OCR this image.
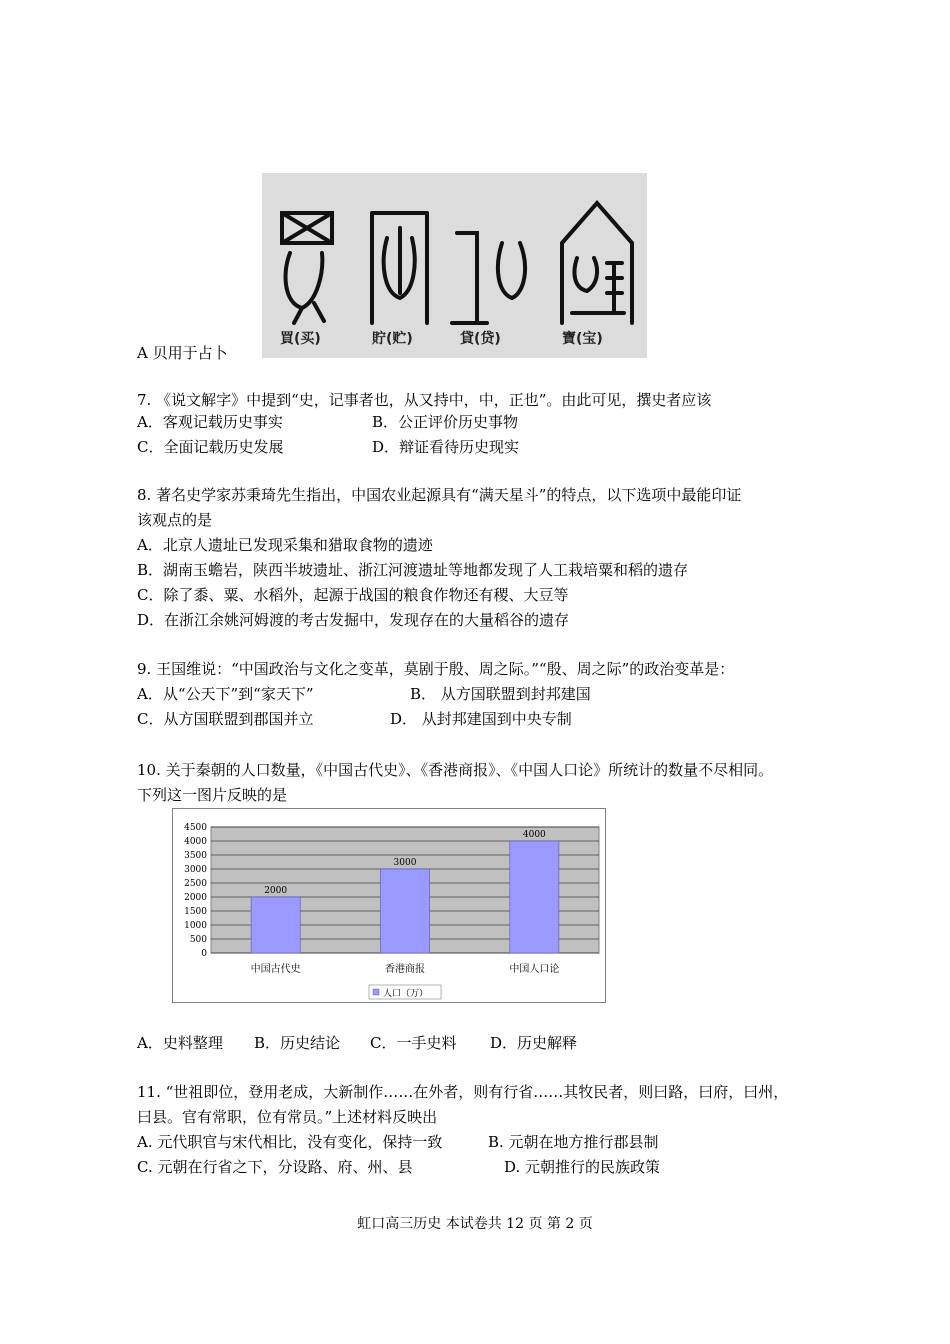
買(买)	貯(贮)	貸(贷)	寶(宝)
A 贝用于占卜
7. 《说文解字》中提到“史，记事者也，从又持中，中，正也”。由此可见，撰史者应该
A．客观记载历史事实	B．公正评价历史事物
C．全面记载历史发展	D．辩证看待历史现实
8. 著名史学家苏秉琦先生指出，中国农业起源具有“满天星斗”的特点，以下选项中最能印证
该观点的是
A．北京人遗址已发现采集和猎取食物的遗迹
B．湖南玉蟾岩，陕西半坡遗址、浙江河渡遗址等地都发现了人工栽培粟和稻的遗存
C．除了黍、粟、水稻外，起源于战国的粮食作物还有稷、大豆等
D．在浙江余姚河姆渡的考古发掘中，发现存在的大量稻谷的遗存
9. 王国维说：“中国政治与文化之变革，莫剧于殷、周之际。”“殷、周之际”的政治变革是：
A．从“公天下”到“家天下”	B． 从方国联盟到封邦建国
C．从方国联盟到郡国并立	D． 从封邦建国到中央专制
10. 关于秦朝的人口数量，《中国古代史》、《香港商报》、《中国人口论》所统计的数量不尽相同。
下列这一图片反映的是
0
500
1000
1500
2000
2500
3000
3500
4000
4500
2000
中国古代史
3000
香港商报
4000
中国人口论
人口（万）
A．史料整理 B．历史结论 C．一手史料 D．历史解释
11. “世祖即位，登用老成，大新制作……在外者，则有行省……其牧民者，则曰路，曰府，曰州，
曰县。官有常职，位有常员。”上述材料反映出
A. 元代职官与宋代相比，没有变化，保持一致	B. 元朝在地方推行郡县制
C. 元朝在行省之下，分设路、府、州、县	D. 元朝推行的民族政策
虹口高三历史 本试卷共 12 页 第 2 页
